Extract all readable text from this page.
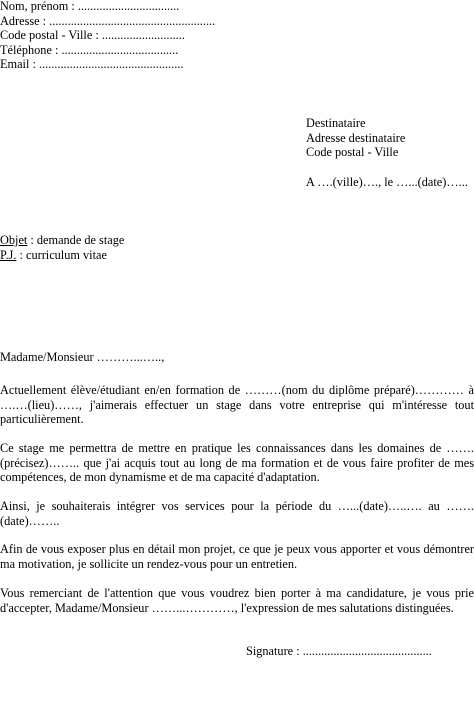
Nom, prénom : .................................
Adresse : ......................................................
Code postal - Ville : ...........................
Téléphone : ......................................
Email : ...............................................
Destinataire
Adresse destinataire
Code postal - Ville
A ….(ville)…., le …...(date)…...
Objet : demande de stage
P.J. : curriculum vitae
Madame/Monsieur ………...…..,

Actuellement élève/étudiant en/en formation de ………(nom du diplôme préparé)………… à ….…(lieu)……, j'aimerais effectuer un stage dans votre entreprise qui m'intéresse tout particulièrement.

Ce stage me permettra de mettre en pratique les connaissances dans les domaines de …….(précisez)…….. que j'ai acquis tout au long de ma formation et de vous faire profiter de mes compétences, de mon dynamisme et de ma capacité d'adaptation.

Ainsi, je souhaiterais intégrer vos services pour la période du …...(date)…..…. au …….(date)……..

Afin de vous exposer plus en détail mon projet, ce que je peux vous apporter et vous démontrer ma motivation, je sollicite un rendez-vous pour un entretien.

Vous remerciant de l'attention que vous voudrez bien porter à ma candidature, je vous prie d'accepter, Madame/Monsieur ……...…………, l'expression de mes salutations distinguées.

Signature : ..........................................
